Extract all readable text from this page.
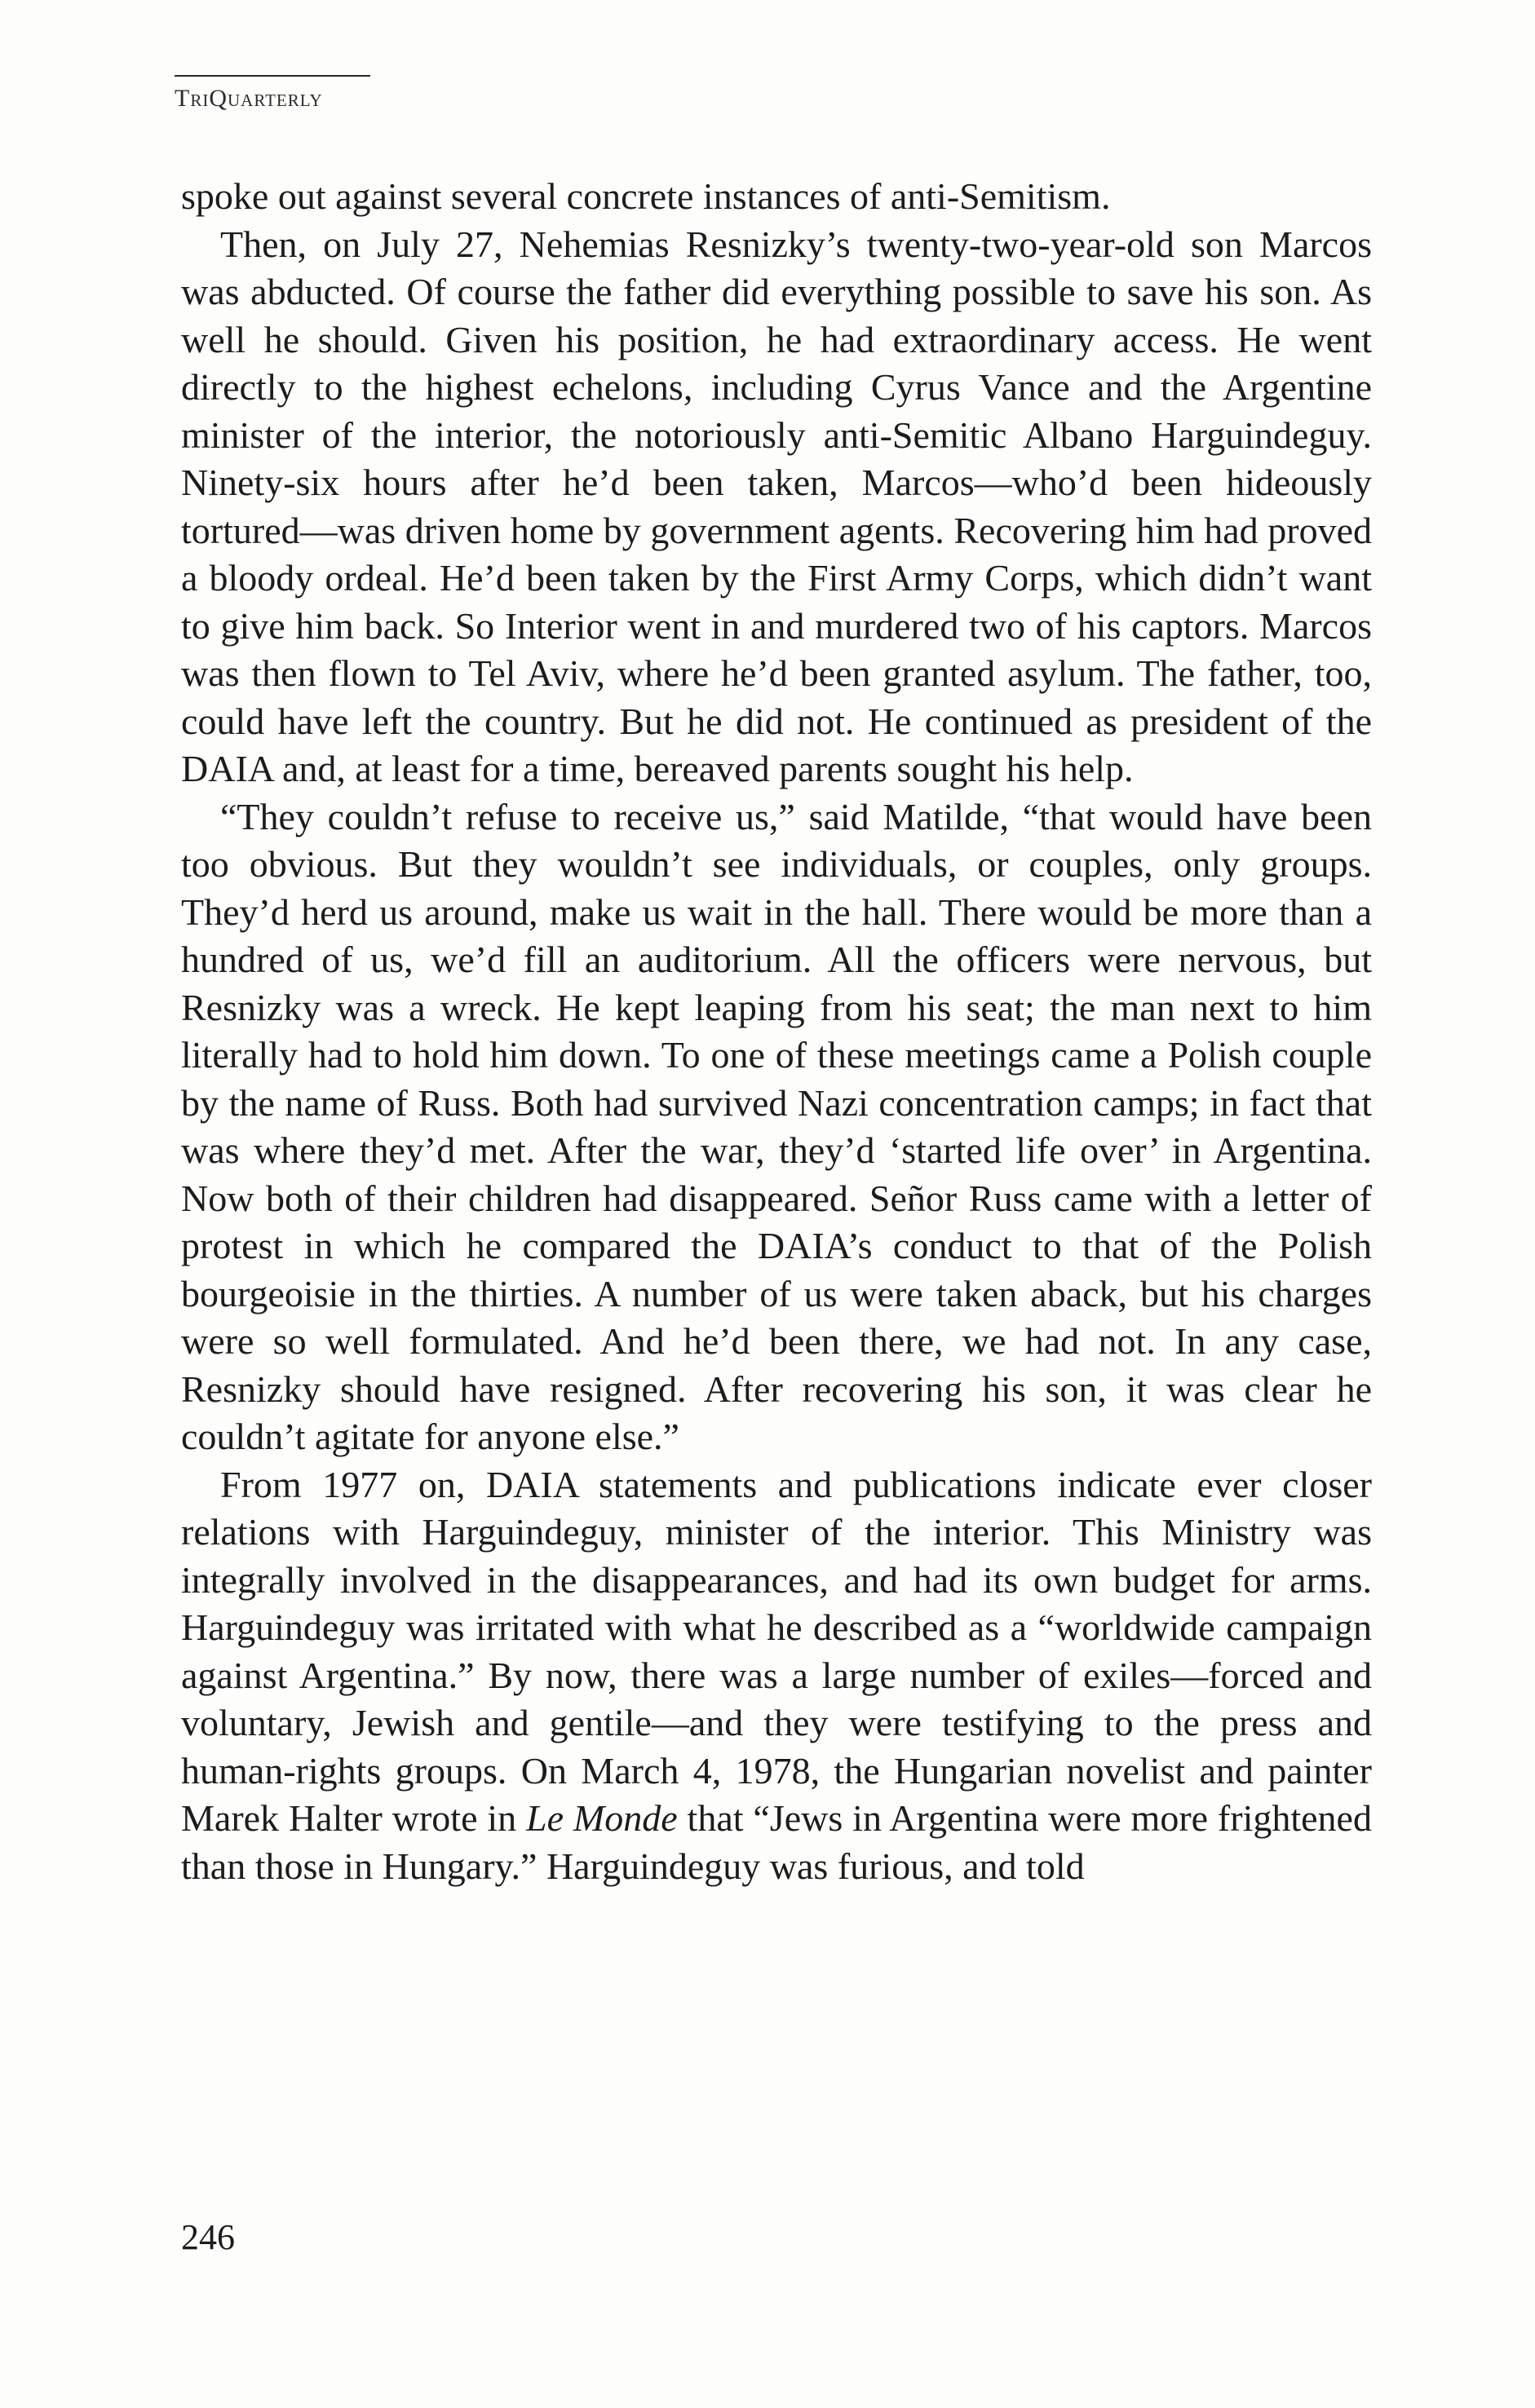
TriQuarterly

spoke out against several concrete instances of anti-Semitism.

Then, on July 27, Nehemias Resnizky’s twenty-two-year-old son Marcos was abducted. Of course the father did everything possible to save his son. As well he should. Given his position, he had extraordinary access. He went directly to the highest echelons, including Cyrus Vance and the Argentine minister of the interior, the notoriously anti-Semitic Albano Harguindeguy. Ninety-six hours after he’d been taken, Marcos—who’d been hideously tortured—was driven home by government agents. Recovering him had proved a bloody ordeal. He’d been taken by the First Army Corps, which didn’t want to give him back. So Interior went in and murdered two of his captors. Marcos was then flown to Tel Aviv, where he’d been granted asylum. The father, too, could have left the country. But he did not. He continued as president of the DAIA and, at least for a time, bereaved parents sought his help.

“They couldn’t refuse to receive us,” said Matilde, “that would have been too obvious. But they wouldn’t see individuals, or couples, only groups. They’d herd us around, make us wait in the hall. There would be more than a hundred of us, we’d fill an auditorium. All the officers were nervous, but Resnizky was a wreck. He kept leaping from his seat; the man next to him literally had to hold him down. To one of these meetings came a Polish couple by the name of Russ. Both had survived Nazi concentration camps; in fact that was where they’d met. After the war, they’d ‘started life over’ in Argentina. Now both of their children had disappeared. Señor Russ came with a letter of protest in which he compared the DAIA’s conduct to that of the Polish bourgeoisie in the thirties. A number of us were taken aback, but his charges were so well formulated. And he’d been there, we had not. In any case, Resnizky should have resigned. After recovering his son, it was clear he couldn’t agitate for anyone else.”

From 1977 on, DAIA statements and publications indicate ever closer relations with Harguindeguy, minister of the interior. This Ministry was integrally involved in the disappearances, and had its own budget for arms. Harguindeguy was irritated with what he described as a “worldwide campaign against Argentina.” By now, there was a large number of exiles—forced and voluntary, Jewish and gentile—and they were testifying to the press and human-rights groups. On March 4, 1978, the Hungarian novelist and painter Marek Halter wrote in Le Monde that “Jews in Argentina were more frightened than those in Hungary.” Harguindeguy was furious, and told

246
